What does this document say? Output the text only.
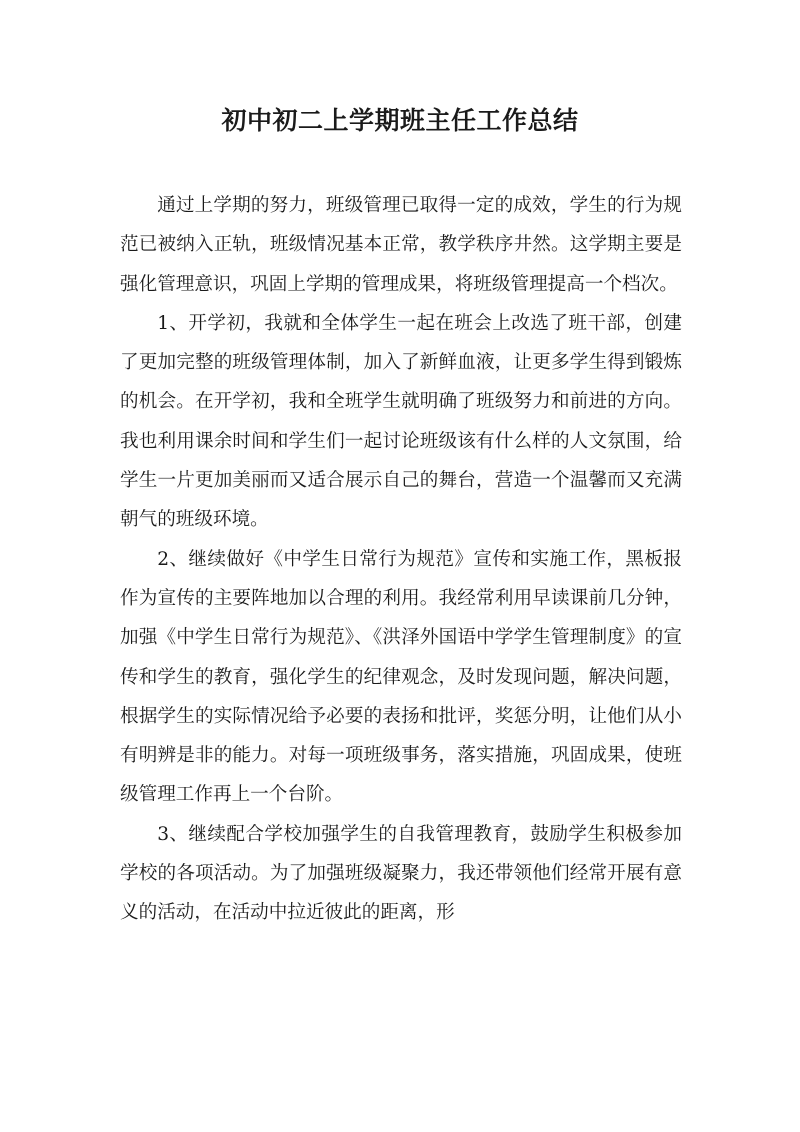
初中初二上学期班主任工作总结

通过上学期的努力，班级管理已取得一定的成效，学生的行为规范已被纳入正轨，班级情况基本正常，教学秩序井然。这学期主要是强化管理意识，巩固上学期的管理成果，将班级管理提高一个档次。

1、开学初，我就和全体学生一起在班会上改选了班干部，创建了更加完整的班级管理体制，加入了新鲜血液，让更多学生得到锻炼的机会。在开学初，我和全班学生就明确了班级努力和前进的方向。我也利用课余时间和学生们一起讨论班级该有什么样的人文氛围，给学生一片更加美丽而又适合展示自己的舞台，营造一个温馨而又充满朝气的班级环境。

2、继续做好《中学生日常行为规范》宣传和实施工作，黑板报作为宣传的主要阵地加以合理的利用。我经常利用早读课前几分钟，加强《中学生日常行为规范》、《洪泽外国语中学学生管理制度》的宣传和学生的教育，强化学生的纪律观念，及时发现问题，解决问题，根据学生的实际情况给予必要的表扬和批评，奖惩分明，让他们从小有明辨是非的能力。对每一项班级事务，落实措施，巩固成果，使班级管理工作再上一个台阶。

3、继续配合学校加强学生的自我管理教育，鼓励学生积极参加学校的各项活动。为了加强班级凝聚力，我还带领他们经常开展有意义的活动，在活动中拉近彼此的距离，形
